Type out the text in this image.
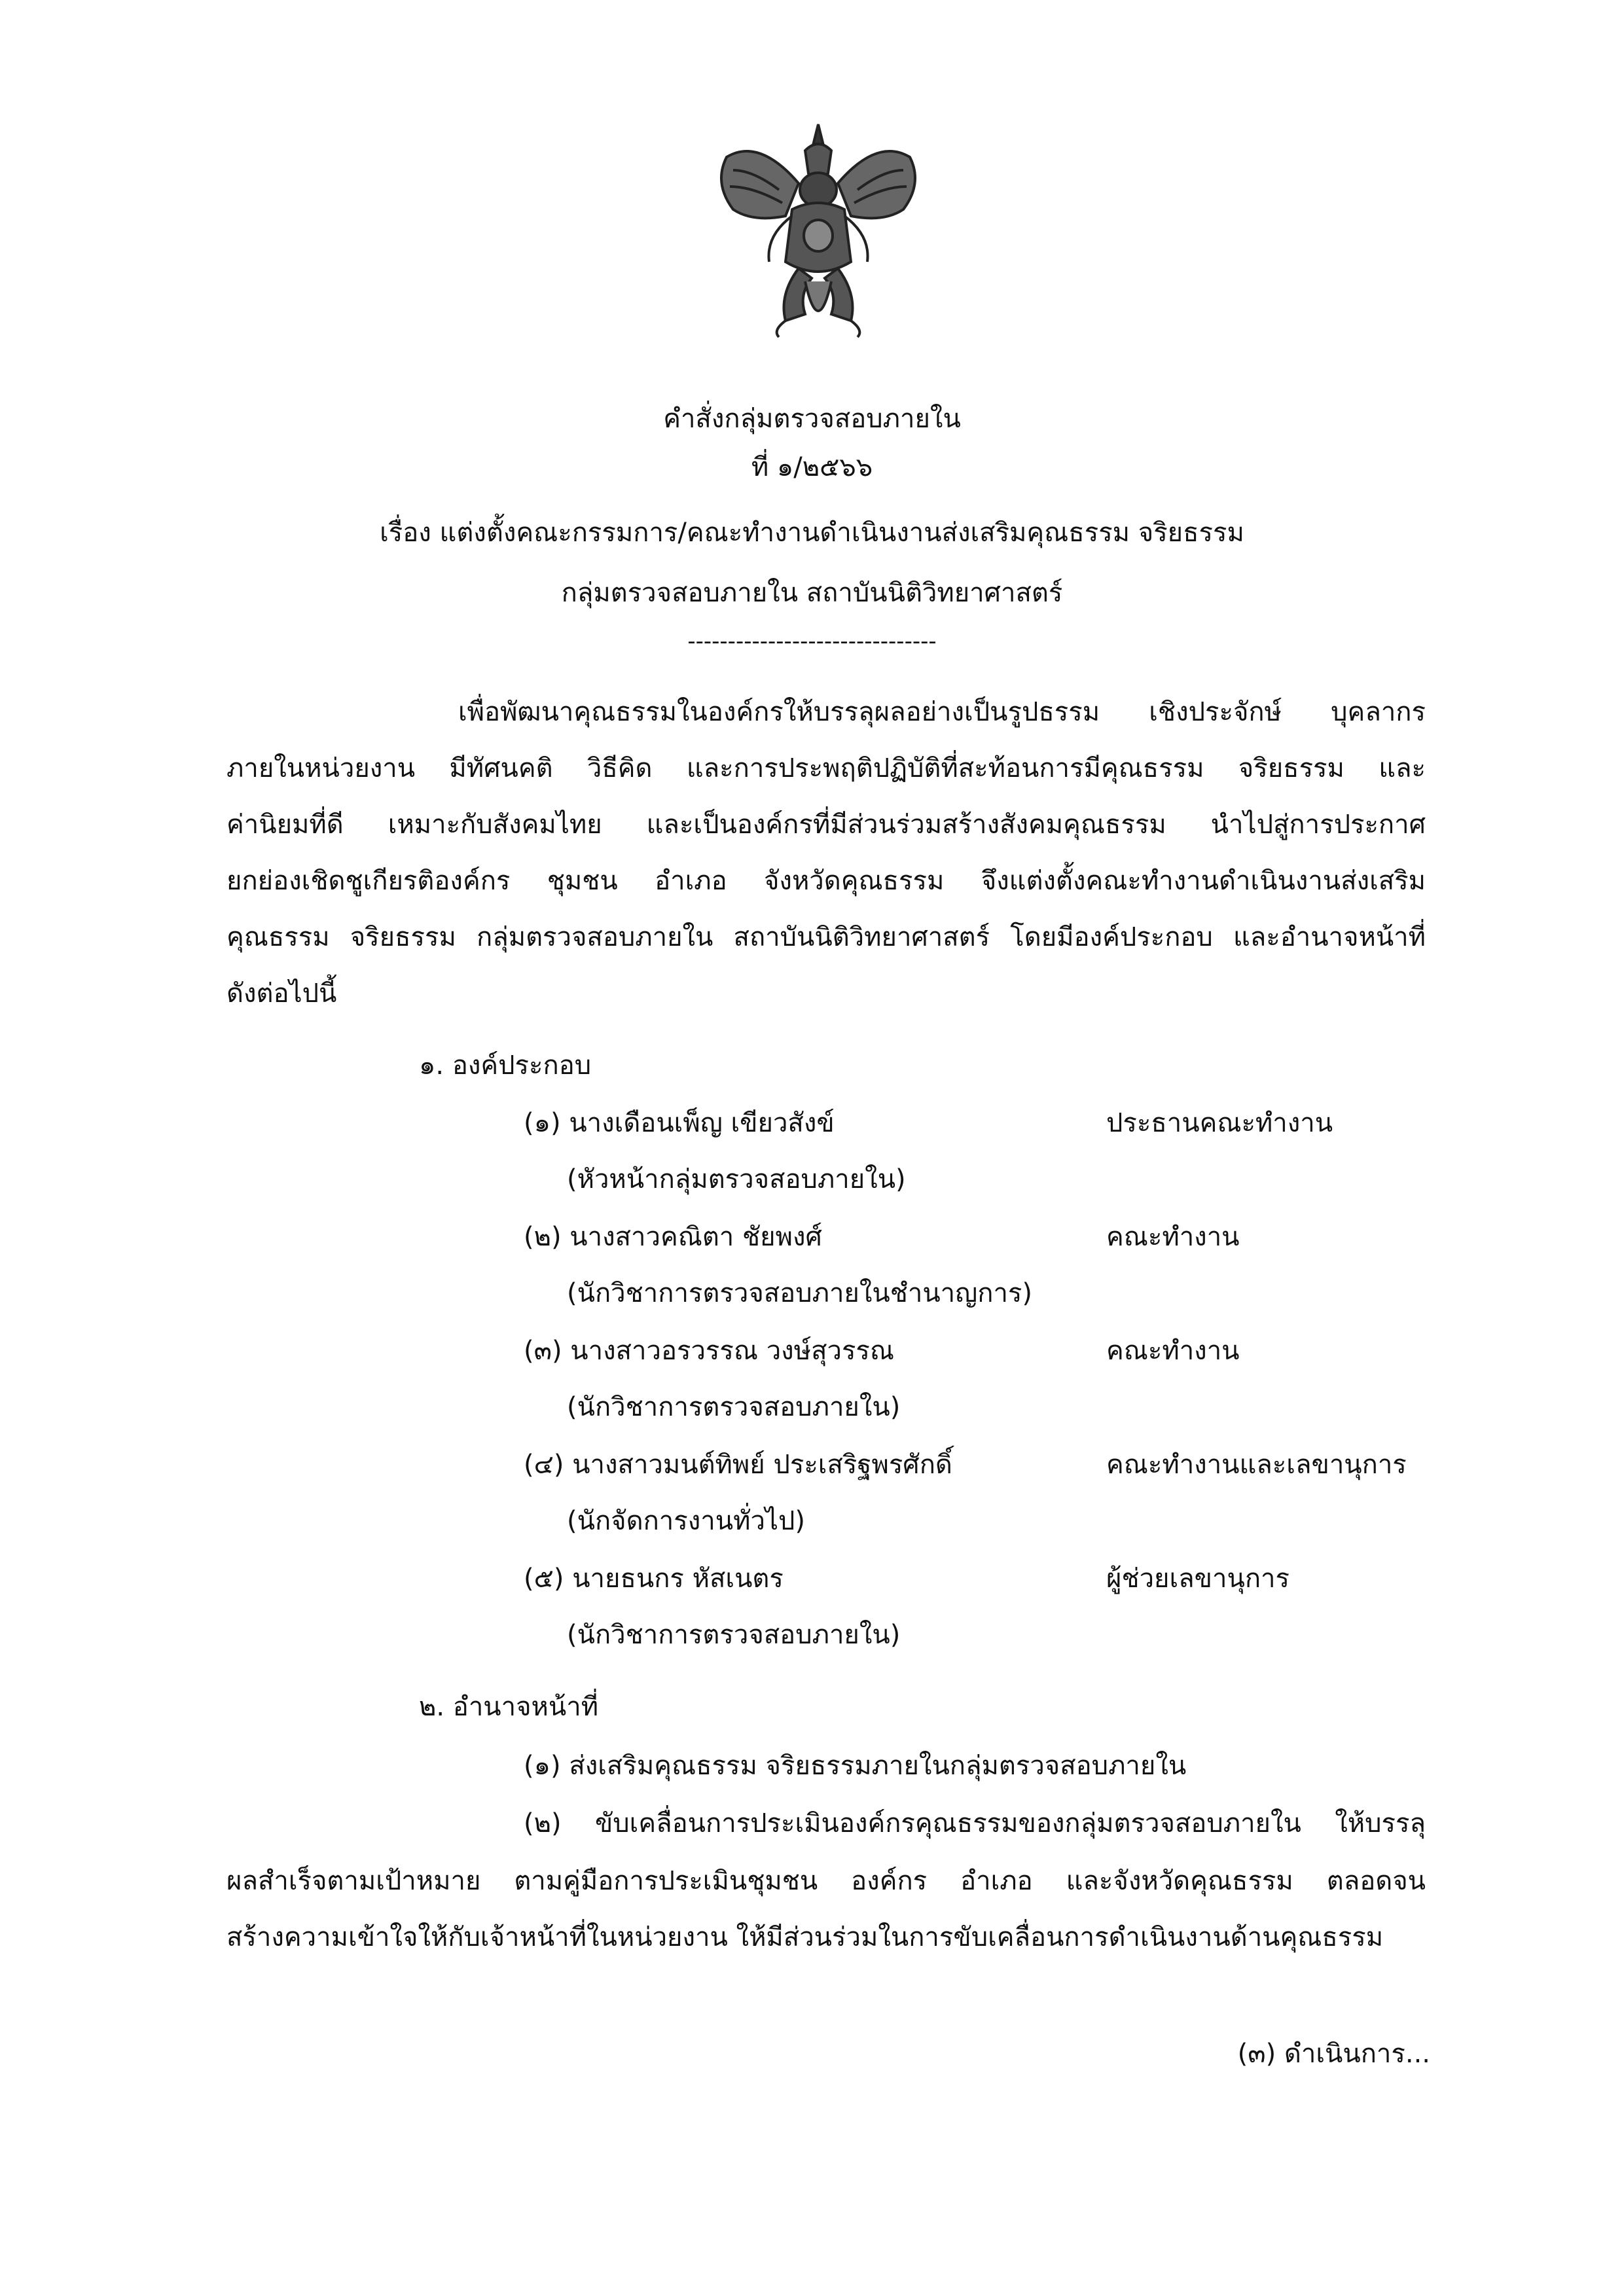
คำสั่งกลุ่มตรวจสอบภายใน
ที่ ๑/๒๕๖๖
เรื่อง แต่งตั้งคณะกรรมการ/คณะทำงานดำเนินงานส่งเสริมคุณธรรม จริยธรรม
กลุ่มตรวจสอบภายใน สถาบันนิติวิทยาศาสตร์
-------------------------------
เพื่อพัฒนาคุณธรรมในองค์กรให้บรรลุผลอย่างเป็นรูปธรรม เชิงประจักษ์ บุคลากร
ภายในหน่วยงาน มีทัศนคติ วิธีคิด และการประพฤติปฏิบัติที่สะท้อนการมีคุณธรรม จริยธรรม และ
ค่านิยมที่ดี เหมาะกับสังคมไทย และเป็นองค์กรที่มีส่วนร่วมสร้างสังคมคุณธรรม นำไปสู่การประกาศ
ยกย่องเชิดชูเกียรติองค์กร ชุมชน อำเภอ จังหวัดคุณธรรม จึงแต่งตั้งคณะทำงานดำเนินงานส่งเสริม
คุณธรรม จริยธรรม กลุ่มตรวจสอบภายใน สถาบันนิติวิทยาศาสตร์ โดยมีองค์ประกอบ และอำนาจหน้าที่
ดังต่อไปนี้
๑. องค์ประกอบ
(๑) นางเดือนเพ็ญ เขียวสังข์	ประธานคณะทำงาน
(หัวหน้ากลุ่มตรวจสอบภายใน)
(๒) นางสาวคณิตา ชัยพงศ์	คณะทำงาน
(นักวิชาการตรวจสอบภายในชำนาญการ)
(๓) นางสาวอรวรรณ วงษ์สุวรรณ	คณะทำงาน
(นักวิชาการตรวจสอบภายใน)
(๔) นางสาวมนต์ทิพย์ ประเสริฐพรศักดิ์	คณะทำงานและเลขานุการ
(นักจัดการงานทั่วไป)
(๕) นายธนกร หัสเนตร	ผู้ช่วยเลขานุการ
(นักวิชาการตรวจสอบภายใน)
๒. อำนาจหน้าที่
(๑) ส่งเสริมคุณธรรม จริยธรรมภายในกลุ่มตรวจสอบภายใน
(๒) ขับเคลื่อนการประเมินองค์กรคุณธรรมของกลุ่มตรวจสอบภายใน ให้บรรลุ
ผลสำเร็จตามเป้าหมาย ตามคู่มือการประเมินชุมชน องค์กร อำเภอ และจังหวัดคุณธรรม ตลอดจน
สร้างความเข้าใจให้กับเจ้าหน้าที่ในหน่วยงาน ให้มีส่วนร่วมในการขับเคลื่อนการดำเนินงานด้านคุณธรรม
(๓) ดำเนินการ...
